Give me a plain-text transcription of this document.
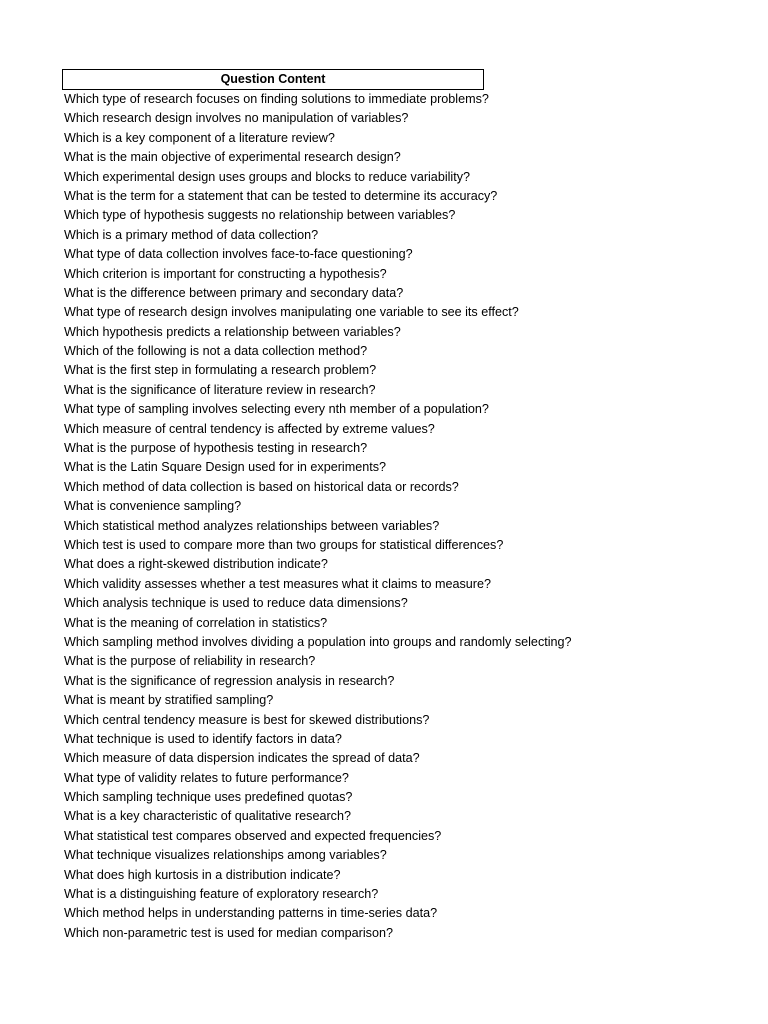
Question Content
Which type of research focuses on finding solutions to immediate problems?
Which research design involves no manipulation of variables?
Which is a key component of a literature review?
What is the main objective of experimental research design?
Which experimental design uses groups and blocks to reduce variability?
What is the term for a statement that can be tested to determine its accuracy?
Which type of hypothesis suggests no relationship between variables?
Which is a primary method of data collection?
What type of data collection involves face-to-face questioning?
Which criterion is important for constructing a hypothesis?
What is the difference between primary and secondary data?
What type of research design involves manipulating one variable to see its effect?
Which hypothesis predicts a relationship between variables?
Which of the following is not a data collection method?
What is the first step in formulating a research problem?
What is the significance of literature review in research?
What type of sampling involves selecting every nth member of a population?
Which measure of central tendency is affected by extreme values?
What is the purpose of hypothesis testing in research?
What is the Latin Square Design used for in experiments?
Which method of data collection is based on historical data or records?
What is convenience sampling?
Which statistical method analyzes relationships between variables?
Which test is used to compare more than two groups for statistical differences?
What does a right-skewed distribution indicate?
Which validity assesses whether a test measures what it claims to measure?
Which analysis technique is used to reduce data dimensions?
What is the meaning of correlation in statistics?
Which sampling method involves dividing a population into groups and randomly selecting?
What is the purpose of reliability in research?
What is the significance of regression analysis in research?
What is meant by stratified sampling?
Which central tendency measure is best for skewed distributions?
What technique is used to identify factors in data?
Which measure of data dispersion indicates the spread of data?
What type of validity relates to future performance?
Which sampling technique uses predefined quotas?
What is a key characteristic of qualitative research?
What statistical test compares observed and expected frequencies?
What technique visualizes relationships among variables?
What does high kurtosis in a distribution indicate?
What is a distinguishing feature of exploratory research?
Which method helps in understanding patterns in time-series data?
Which non-parametric test is used for median comparison?
